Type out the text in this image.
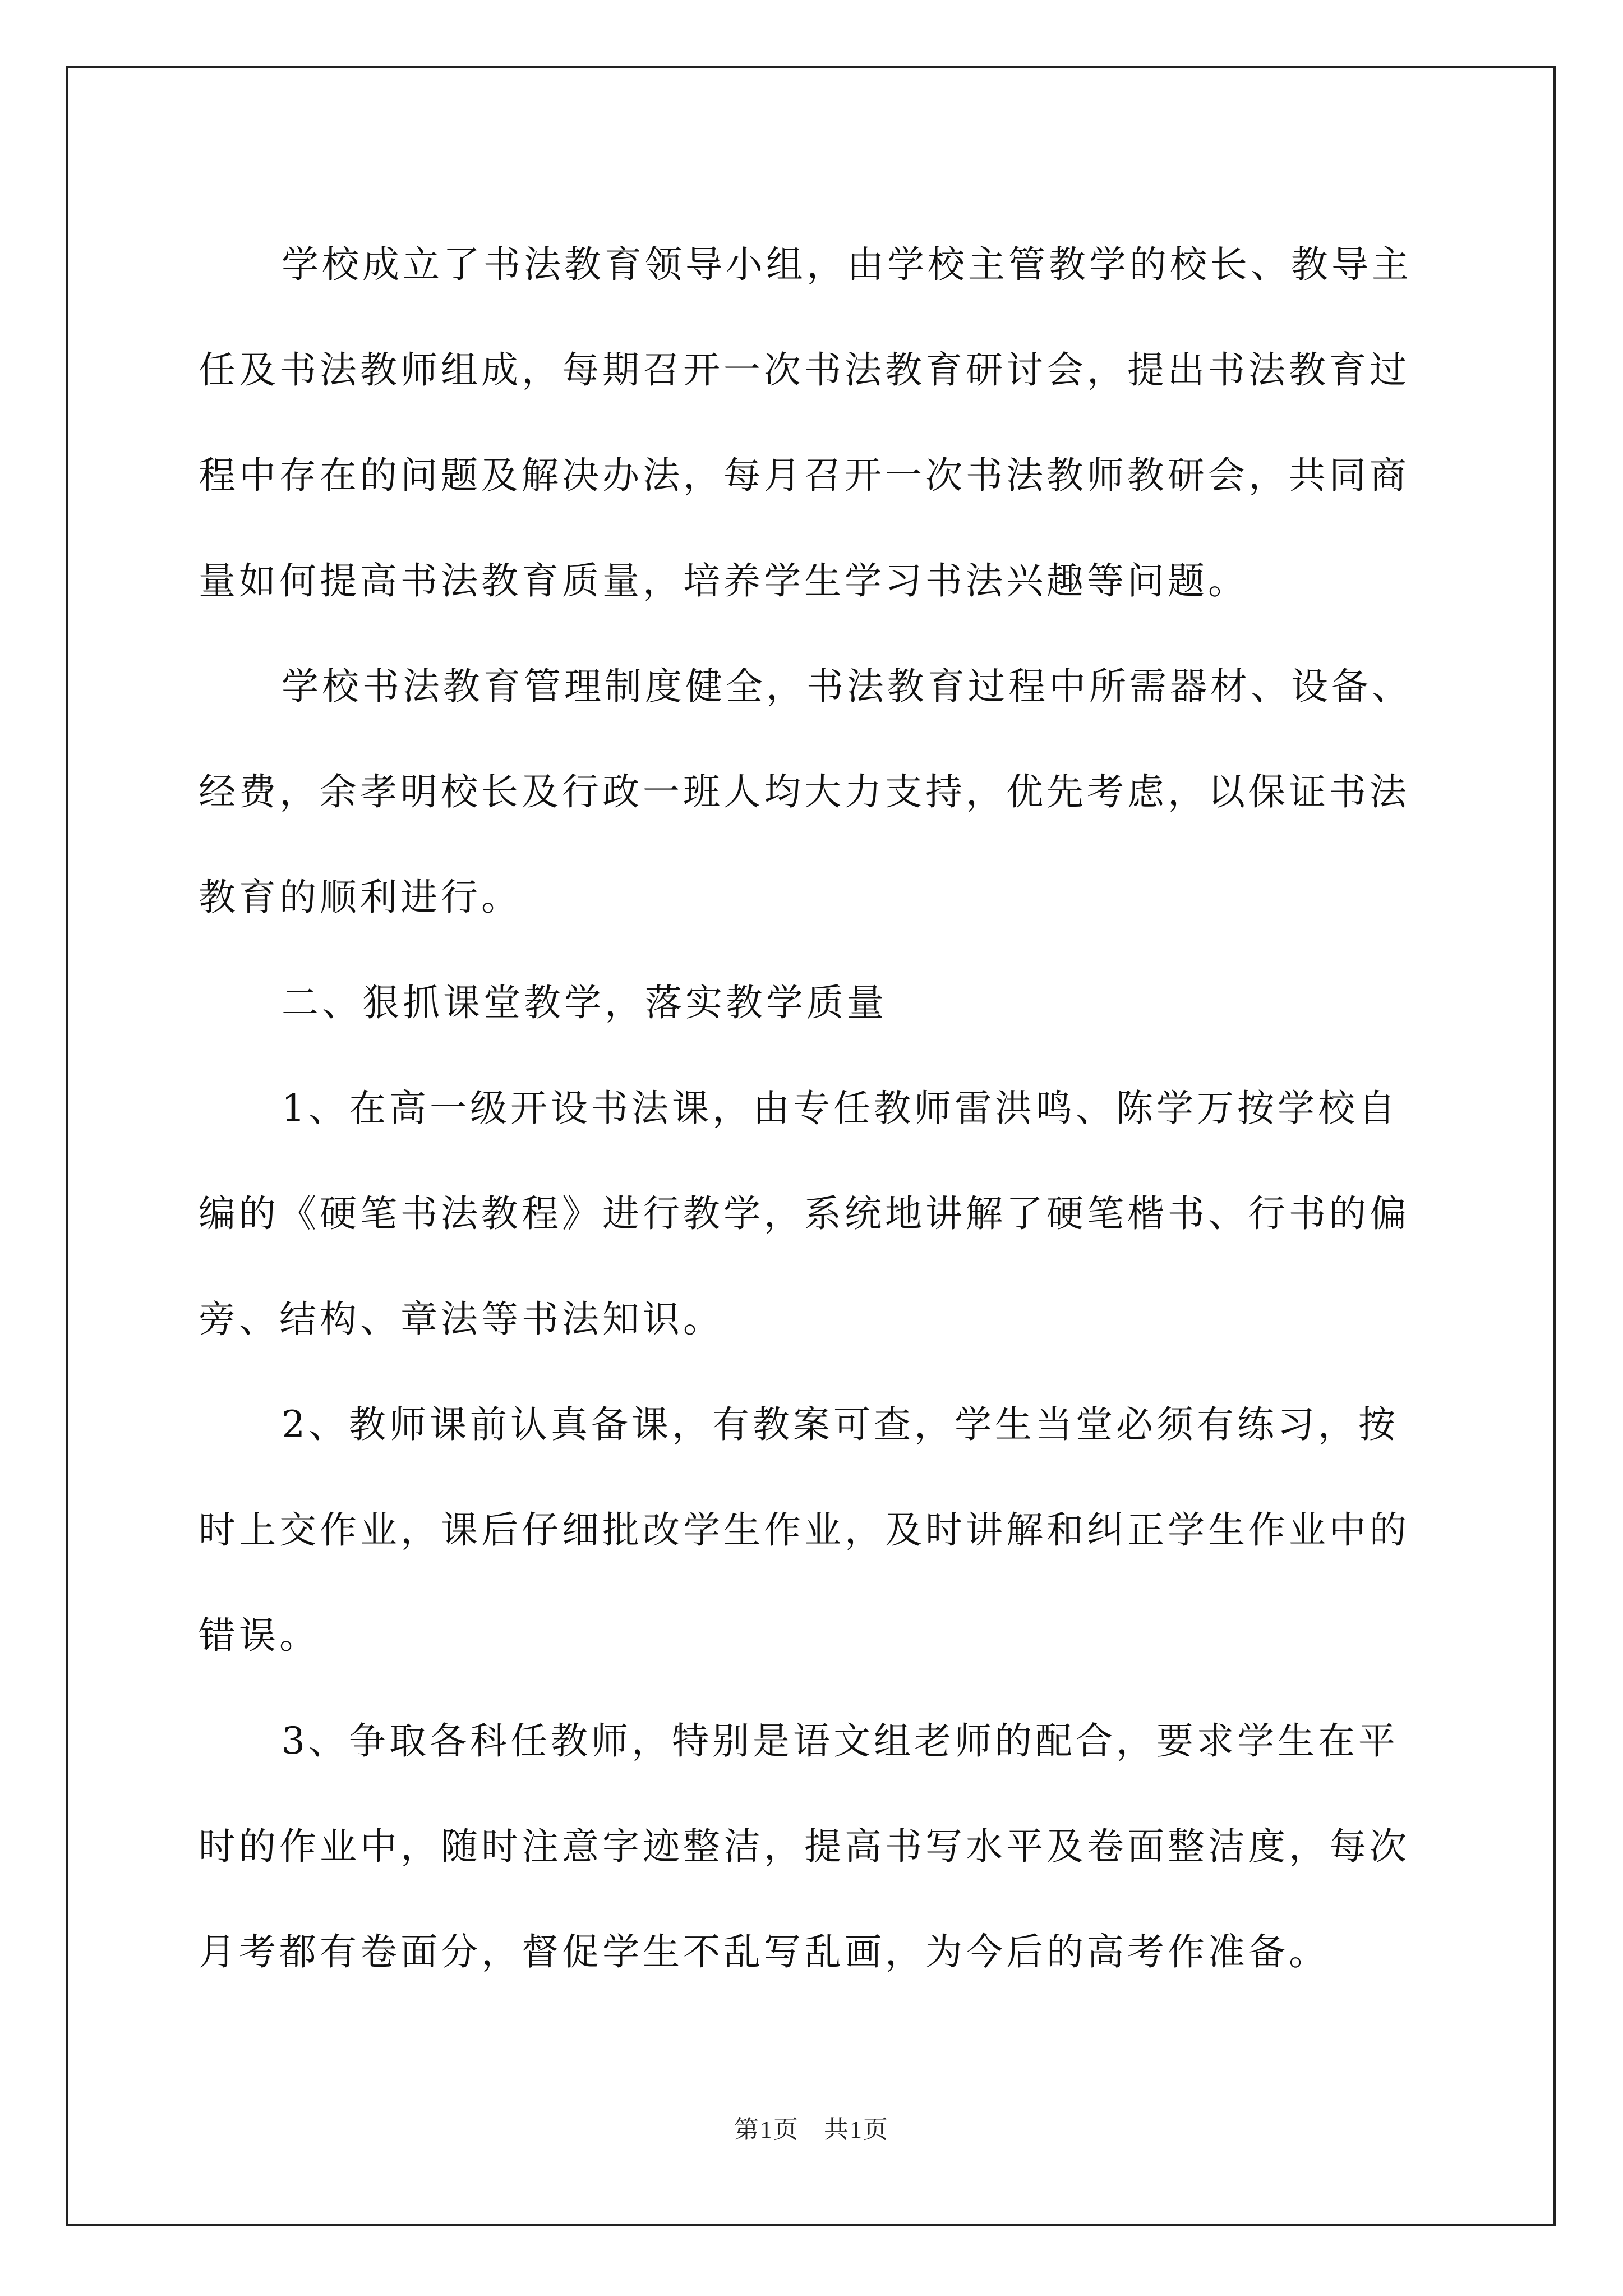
学校成立了书法教育领导小组，由学校主管教学的校长、教导主任及书法教师组成，每期召开一次书法教育研讨会，提出书法教育过程中存在的问题及解决办法，每月召开一次书法教师教研会，共同商量如何提高书法教育质量，培养学生学习书法兴趣等问题。

学校书法教育管理制度健全，书法教育过程中所需器材、设备、经费，余孝明校长及行政一班人均大力支持，优先考虑，以保证书法教育的顺利进行。

二、狠抓课堂教学，落实教学质量

1、在高一级开设书法课，由专任教师雷洪鸣、陈学万按学校自编的《硬笔书法教程》进行教学，系统地讲解了硬笔楷书、行书的偏旁、结构、章法等书法知识。

2、教师课前认真备课，有教案可查，学生当堂必须有练习，按时上交作业，课后仔细批改学生作业，及时讲解和纠正学生作业中的错误。

3、争取各科任教师，特别是语文组老师的配合，要求学生在平时的作业中，随时注意字迹整洁，提高书写水平及卷面整洁度，每次月考都有卷面分，督促学生不乱写乱画，为今后的高考作准备。

第1页 共1页
